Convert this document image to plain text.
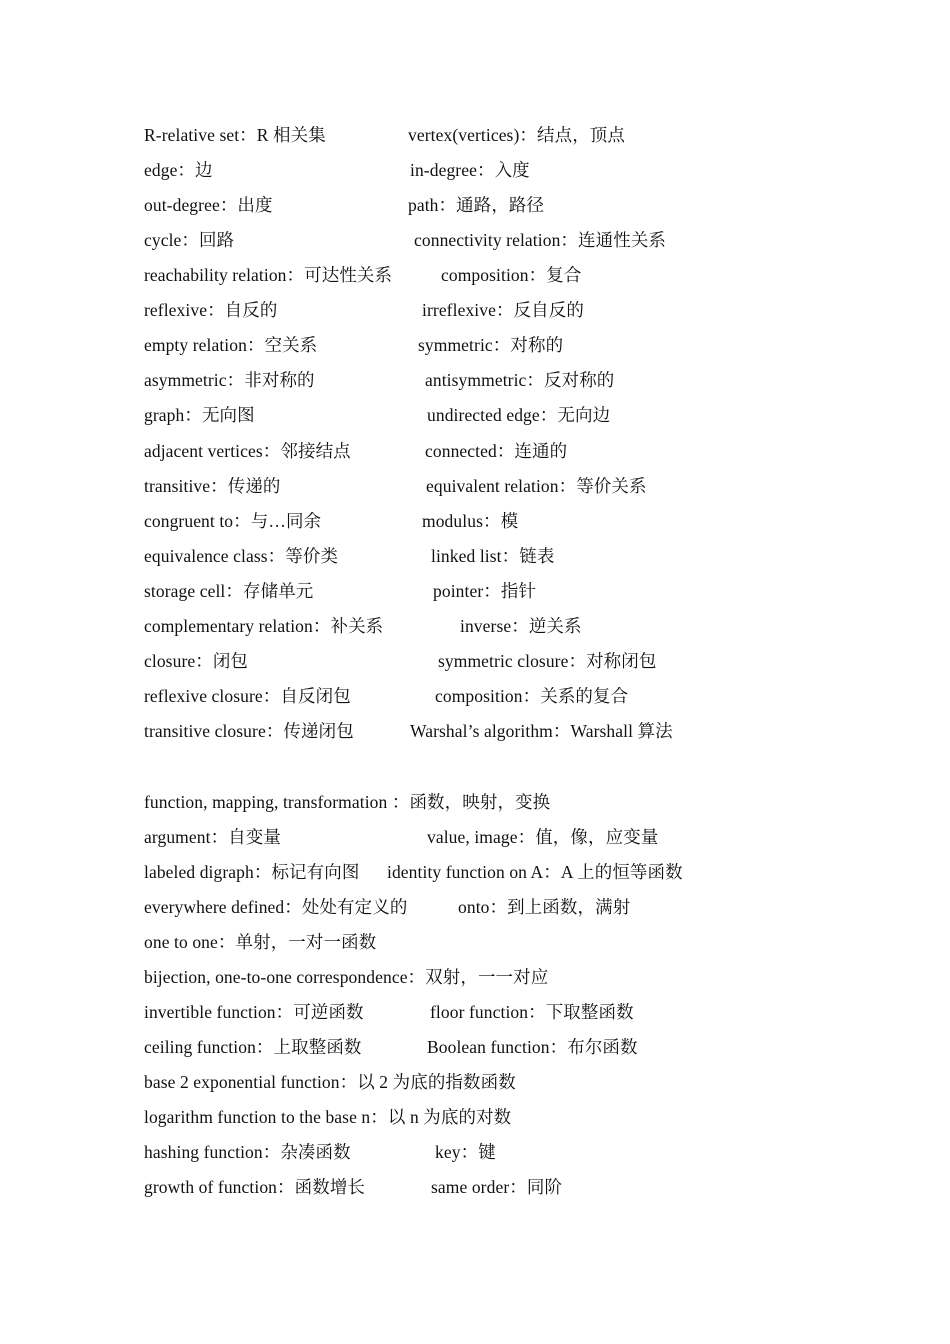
R-relative set：R 相关集	vertex(vertices)：结点，顶点
edge：边	in-degree：入度
out-degree：出度	path：通路，路径
cycle：回路	connectivity relation：连通性关系
reachability relation：可达性关系	composition：复合
reflexive：自反的	irreflexive：反自反的
empty relation：空关系	symmetric：对称的
asymmetric：非对称的	antisymmetric：反对称的
graph：无向图	undirected edge：无向边
adjacent vertices：邻接结点	connected：连通的
transitive：传递的	equivalent relation：等价关系
congruent to：与…同余	modulus：模
equivalence class：等价类	linked list：链表
storage cell：存储单元	pointer：指针
complementary relation：补关系	inverse：逆关系
closure：闭包	symmetric closure：对称闭包
reflexive closure：自反闭包	composition：关系的复合
transitive closure：传递闭包	Warshal’s algorithm：Warshall 算法
function, mapping, transformation ：函数，映射，变换
argument：自变量	value, image：值，像，应变量
labeled digraph：标记有向图 identity function on A：A 上的恒等函数
everywhere defined：处处有定义的	onto：到上函数，满射
one to one：单射，一对一函数
bijection, one-to-one correspondence：双射，一一对应
invertible function：可逆函数	floor function：下取整函数
ceiling function：上取整函数	Boolean function：布尔函数
base 2 exponential function：以 2 为底的指数函数
logarithm function to the base n：以 n 为底的对数
hashing function：杂凑函数	key：键
growth of function：函数增长	same order：同阶
